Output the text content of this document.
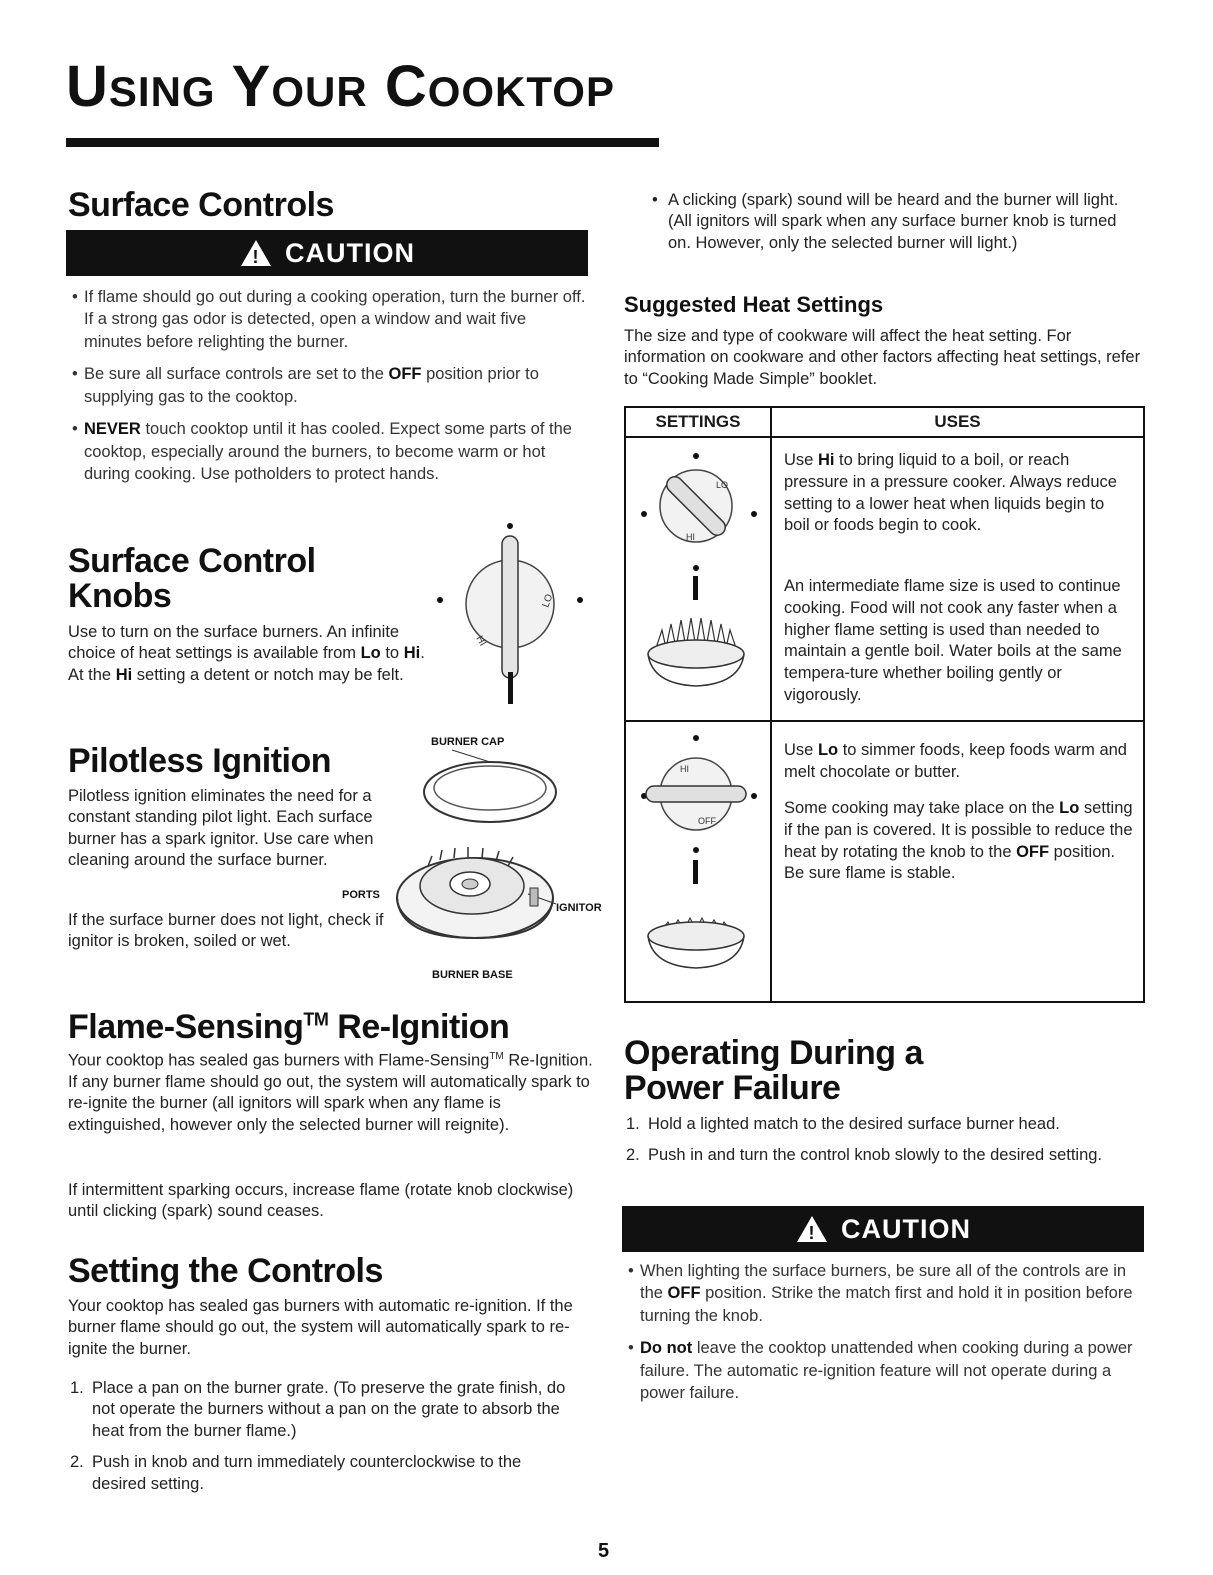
USING YOUR COOKTOP
Surface Controls
! CAUTION
• If flame should go out during a cooking operation, turn the burner off. If a strong gas odor is detected, open a window and wait five minutes before relighting the burner.
• Be sure all surface controls are set to the OFF position prior to supplying gas to the cooktop.
• NEVER touch cooktop until it has cooled. Expect some parts of the cooktop, especially around the burners, to become warm or hot during cooking. Use potholders to protect hands.
Surface Control
Knobs

Use to turn on the surface burners. An infinite choice of heat settings is available from Lo to Hi. At the Hi setting a detent or notch may be felt.

LO
HI
Pilotless Ignition

Pilotless ignition eliminates the need for a constant standing pilot light. Each surface burner has a spark ignitor. Use care when cleaning around the surface burner.

If the surface burner does not light, check if ignitor is broken, soiled or wet.

BURNER CAP
PORTS
IGNITOR
BURNER BASE
Flame-Sensing™ Re-Ignition

Your cooktop has sealed gas burners with Flame-Sensing™ Re-Ignition. If any burner flame should go out, the system will automatically spark to re-ignite the burner (all ignitors will spark when any flame is extinguished, however only the selected burner will reignite).

If intermittent sparking occurs, increase flame (rotate knob clockwise) until clicking (spark) sound ceases.

Setting the Controls

Your cooktop has sealed gas burners with automatic re-ignition. If the burner flame should go out, the system will automatically spark to re-ignite the burner.

1. Place a pan on the burner grate. (To preserve the grate finish, do not operate the burners without a pan on the grate to absorb the heat from the burner flame.)
2. Push in knob and turn immediately counterclockwise to the desired setting.
• A clicking (spark) sound will be heard and the burner will light. (All ignitors will spark when any surface burner knob is turned on. However, only the selected burner will light.)
Suggested Heat Settings

The size and type of cookware will affect the heat setting. For information on cookware and other factors affecting heat settings, refer to “Cooking Made Simple” booklet.

SETTINGS	USES
LO
HI
Use Hi to bring liquid to a boil, or reach pressure in a pressure cooker. Always reduce setting to a lower heat when liquids begin to boil or foods begin to cook.
An intermediate flame size is used to continue cooking. Food will not cook any faster when a higher flame setting is used than needed to maintain a gentle boil. Water boils at the same tempera-ture whether boiling gently or vigorously.
HI
OFF
Use Lo to simmer foods, keep foods warm and melt chocolate or butter.
Some cooking may take place on the Lo setting if the pan is covered. It is possible to reduce the heat by rotating the knob to the OFF position. Be sure flame is stable.
Operating During a
Power Failure
1. Hold a lighted match to the desired surface burner head.
2. Push in and turn the control knob slowly to the desired setting.
! CAUTION
• When lighting the surface burners, be sure all of the controls are in the OFF position. Strike the match first and hold it in position before turning the knob.
• Do not leave the cooktop unattended when cooking during a power failure. The automatic re-ignition feature will not operate during a power failure.
5
